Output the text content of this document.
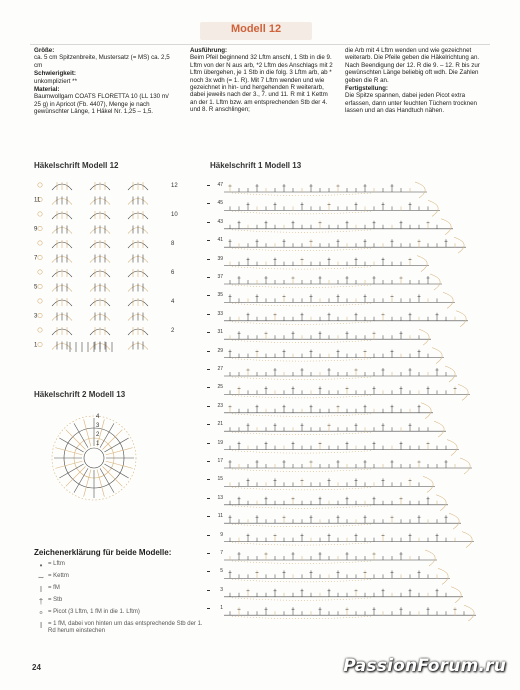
Modell 12

Größe:
ca. 5 cm Spitzenbreite, Mustersatz (= MS) ca. 2,5 cm

Schwierigkeit:
unkompliziert **

Material:
Baumwollgarn COATS FLORETTA 10 (LL 130 m/ 25 g) in Apricot (Fb. 4407), Menge je nach gewünschter Länge, 1 Häkel Nr. 1,25 – 1,5.

Ausführung:
Beim Pfeil beginnend 32 Lftm anschl, 1 Stb in die 9. Lftm von der N aus arb, *2 Lftm des Anschlags mit 2 Lftm übergehen, je 1 Stb in die folg. 3 Lftm arb, ab * noch 3x wdh (= 1. R). Mit 7 Lftm wenden und wie gezeichnet in hin- und hergehenden R weiterarb, dabei jeweils nach der 3., 7. und 11. R mit 1 Kettm an der 1. Lftm bzw. am entsprechenden Stb der 4. und 8. R anschlingen;

die Arb mit 4 Lftm wenden und wie gezeichnet weiterarb. Die Pfeile geben die Häkelrichtung an. Nach Beendigung der 12. R die 9. – 12. R bis zur gewünschten Länge beliebig oft wdh. Die Zahlen geben die R an.

Fertigstellung:
Die Spitze spannen, dabei jeden Picot extra erfassen, dann unter feuchten Tüchern trocknen lassen und an das Handtuch nähen.

Häkelschrift Modell 12
12
11
10
9
8
7
6
5
4
3
2
1
Häkelschrift 2 Modell 13
4
3
2
1
Häkelschrift 1 Modell 13
47
45
43
41
39
37
35
33
31
29
27
25
23
21
19
17
15
13
11
9
7
5
3
1
Zeichenerklärung für beide Modelle:
• = Lftm
∼ = Kettm
I = fM
† = Stb
ᵒ = Picot (3 Lftm, 1 fM in die 1. Lftm)
Ⅰ = 1 fM, dabei von hinten um das entsprechende Stb der 1. Rd herum einstechen
24	PassionForum.ru
